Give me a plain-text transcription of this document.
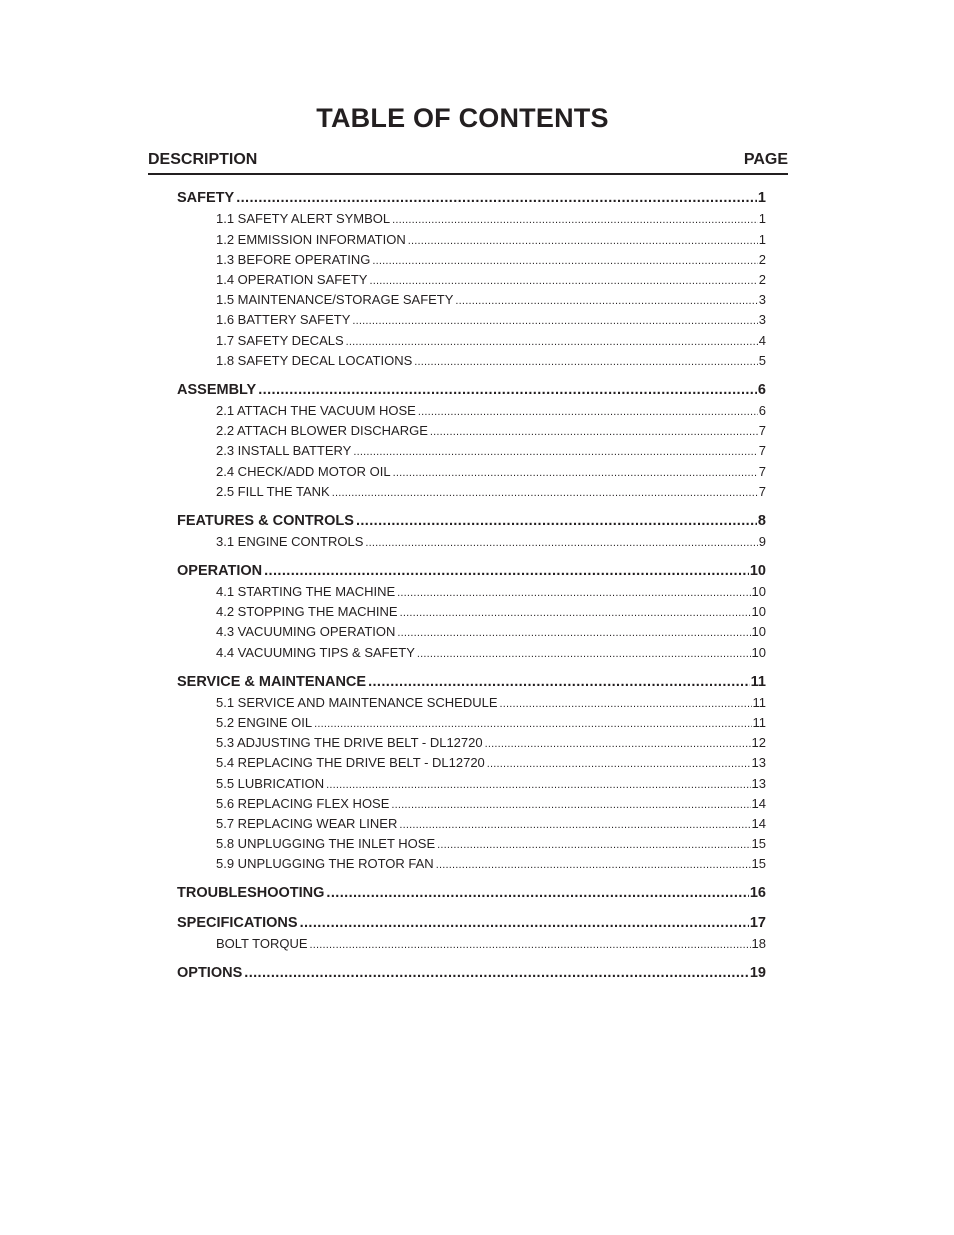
TABLE OF CONTENTS
DESCRIPTION	PAGE
SAFETY .....	1
1.1 SAFETY ALERT SYMBOL .....	1
1.2 EMMISSION INFORMATION .....	1
1.3 BEFORE OPERATING .....	2
1.4 OPERATION SAFETY .....	2
1.5 MAINTENANCE/STORAGE SAFETY .....	3
1.6 BATTERY SAFETY .....	3
1.7 SAFETY DECALS .....	4
1.8 SAFETY DECAL LOCATIONS .....	5
ASSEMBLY .....	6
2.1 ATTACH THE VACUUM HOSE .....	6
2.2 ATTACH BLOWER DISCHARGE .....	7
2.3 INSTALL BATTERY .....	7
2.4 CHECK/ADD MOTOR OIL .....	7
2.5 FILL THE TANK .....	7
FEATURES & CONTROLS .....	8
3.1 ENGINE CONTROLS .....	9
OPERATION .....	10
4.1 STARTING THE MACHINE .....	10
4.2 STOPPING THE MACHINE .....	10
4.3 VACUUMING OPERATION .....	10
4.4 VACUUMING TIPS & SAFETY .....	10
SERVICE & MAINTENANCE .....	11
5.1 SERVICE AND MAINTENANCE SCHEDULE .....	11
5.2 ENGINE OIL .....	11
5.3 ADJUSTING THE DRIVE BELT - DL12720 .....	12
5.4 REPLACING THE DRIVE BELT - DL12720 .....	13
5.5 LUBRICATION .....	13
5.6 REPLACING FLEX HOSE .....	14
5.7 REPLACING WEAR LINER .....	14
5.8 UNPLUGGING THE INLET HOSE .....	15
5.9 UNPLUGGING THE ROTOR FAN .....	15
TROUBLESHOOTING .....	16
SPECIFICATIONS .....	17
BOLT TORQUE .....	18
OPTIONS .....	19
